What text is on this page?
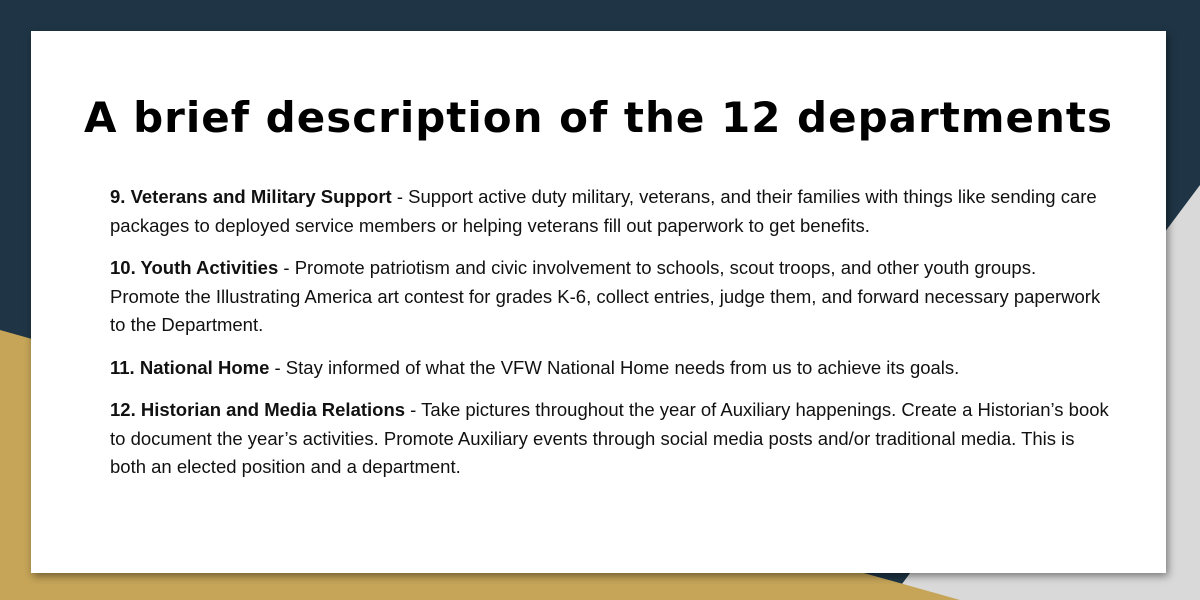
A brief description of the 12 departments

9. Veterans and Military Support - Support active duty military, veterans, and their families with things like sending care packages to deployed service members or helping veterans fill out paperwork to get benefits.

10. Youth Activities - Promote patriotism and civic involvement to schools, scout troops, and other youth groups. Promote the Illustrating America art contest for grades K-6, collect entries, judge them, and forward necessary paperwork to the Department.

11. National Home - Stay informed of what the VFW National Home needs from us to achieve its goals.

12. Historian and Media Relations - Take pictures throughout the year of Auxiliary happenings. Create a Historian’s book to document the year’s activities. Promote Auxiliary events through social media posts and/or traditional media. This is both an elected position and a department.
